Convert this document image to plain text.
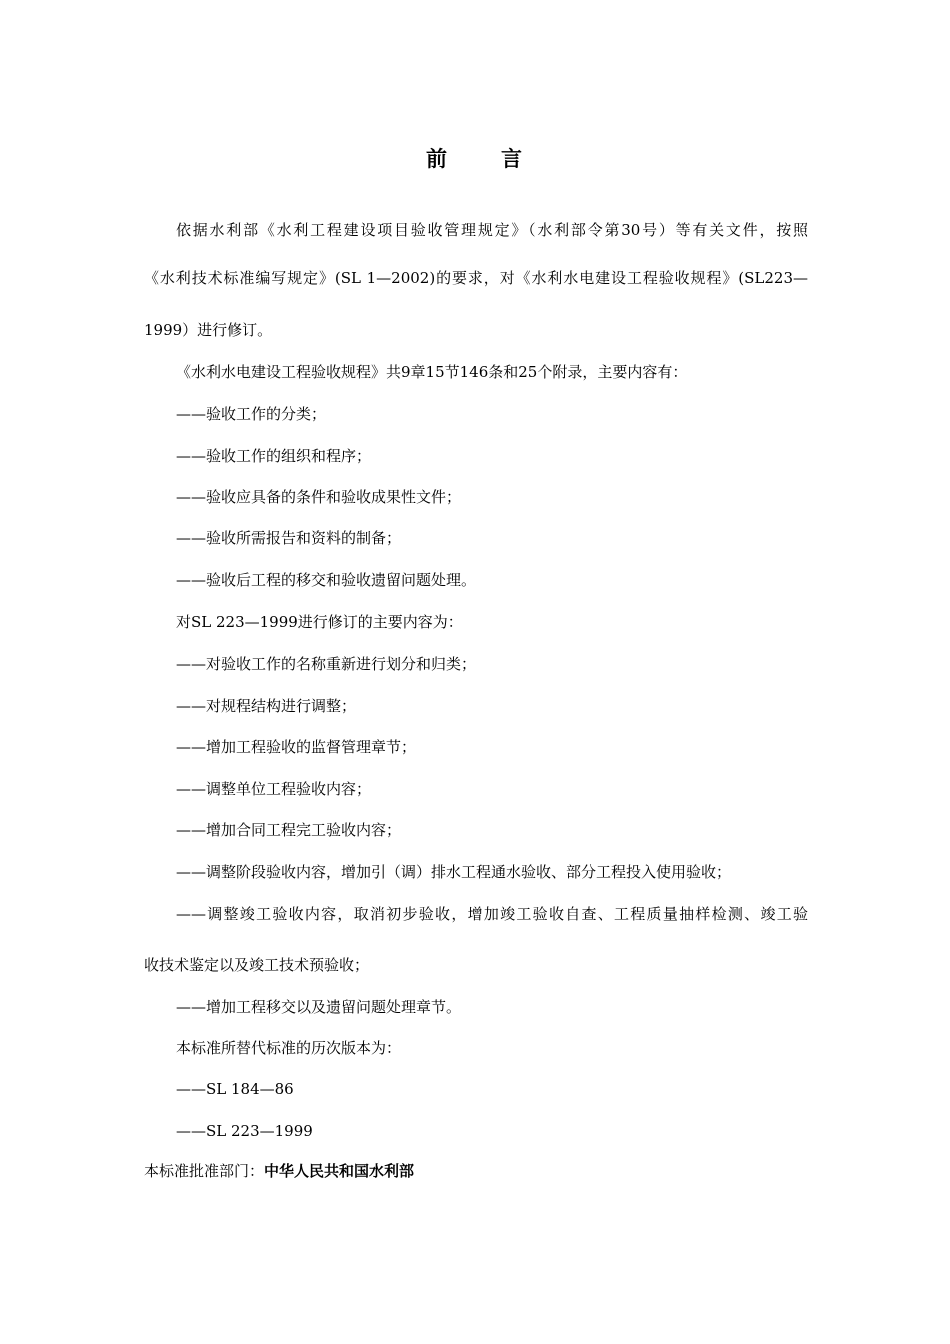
前 言
依据水利部《水利工程建设项目验收管理规定》（水利部令第30号）等有关文件，按照
《水利技术标准编写规定》(SL 1—2002)的要求，对《水利水电建设工程验收规程》(SL223—
1999）进行修订。
《水利水电建设工程验收规程》共9章15节146条和25个附录，主要内容有：
——验收工作的分类；
——验收工作的组织和程序；
——验收应具备的条件和验收成果性文件；
——验收所需报告和资料的制备；
——验收后工程的移交和验收遗留问题处理。
对SL 223—1999进行修订的主要内容为：
——对验收工作的名称重新进行划分和归类；
——对规程结构进行调整；
——增加工程验收的监督管理章节；
——调整单位工程验收内容；
——增加合同工程完工验收内容；
——调整阶段验收内容，增加引（调）排水工程通水验收、部分工程投入使用验收；
——调整竣工验收内容，取消初步验收，增加竣工验收自查、工程质量抽样检测、竣工验
收技术鉴定以及竣工技术预验收；
——增加工程移交以及遗留问题处理章节。
本标准所替代标准的历次版本为：
——SL 184—86
——SL 223—1999
本标准批准部门：中华人民共和国水利部
